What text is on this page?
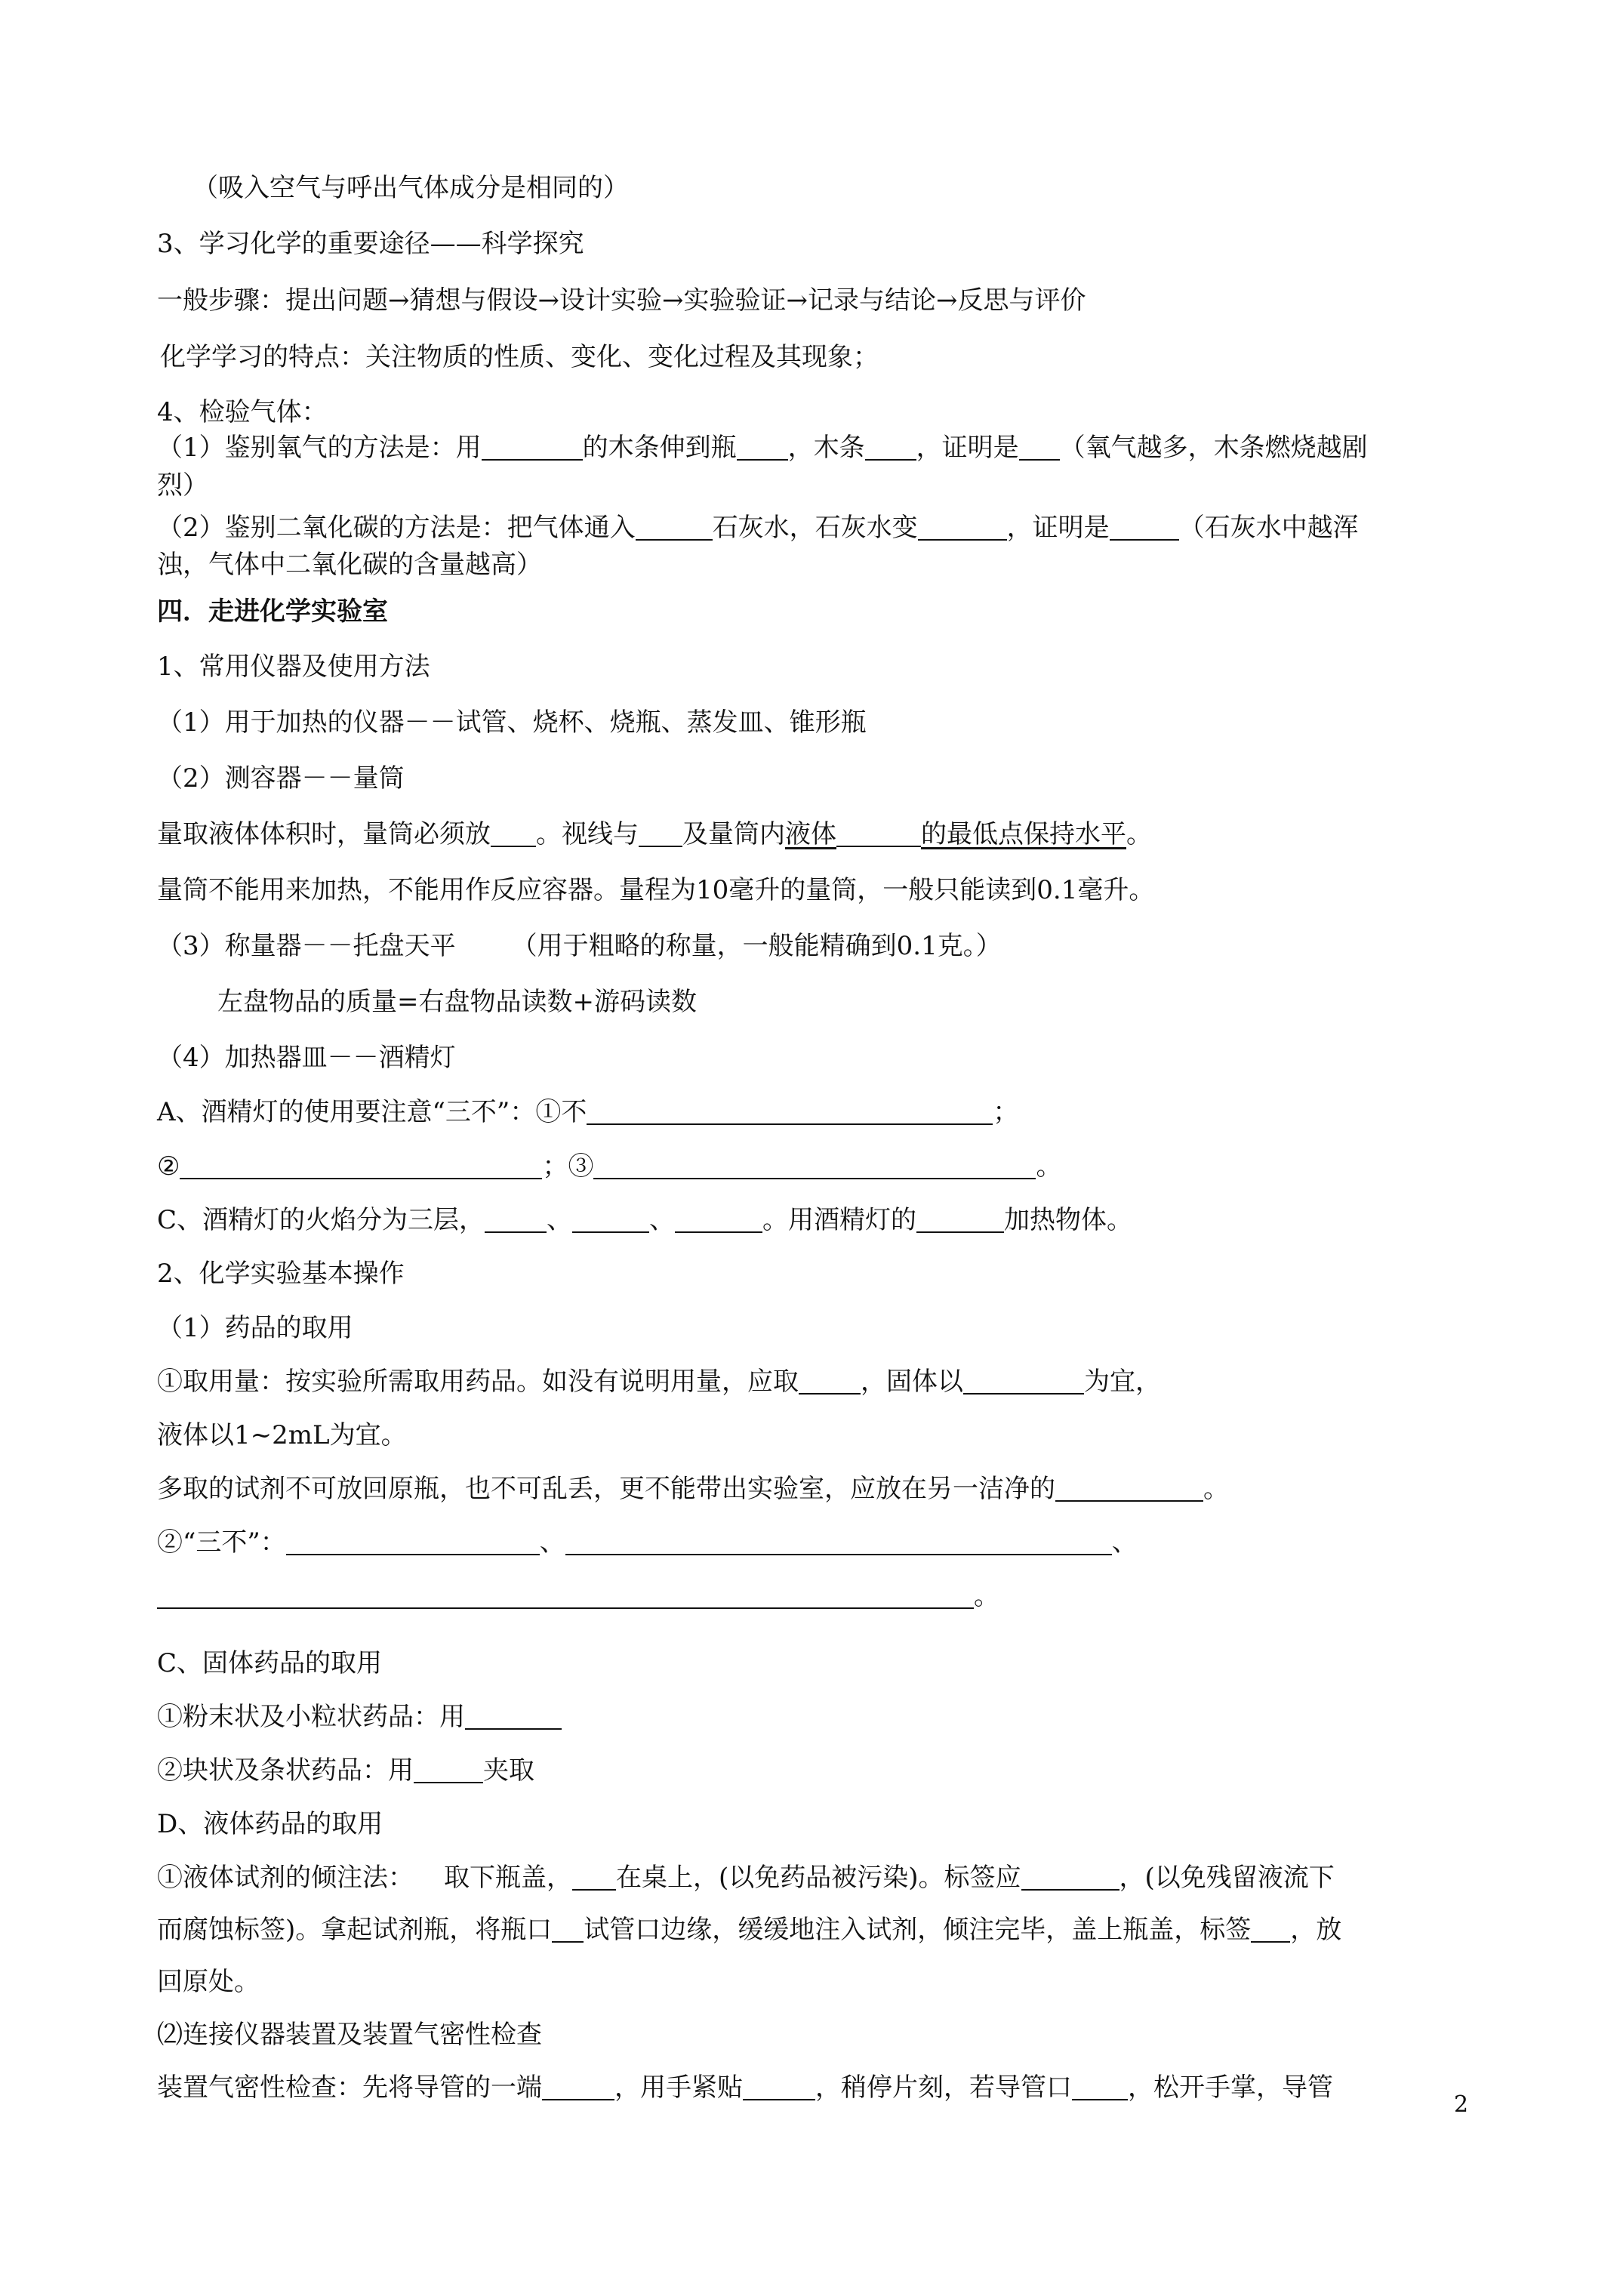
（吸入空气与呼出气体成分是相同的）
3、学习化学的重要途径——科学探究
一般步骤：提出问题→猜想与假设→设计实验→实验验证→记录与结论→反思与评价
化学学习的特点：关注物质的性质、变化、变化过程及其现象；
4、检验气体：
（1）鉴别氧气的方法是：用	的木条伸到瓶 ，木条 ，证明是 （氧气越多，木条燃烧越剧
烈）
（2）鉴别二氧化碳的方法是：把气体通入	石灰水，石灰水变	，证明是	（石灰水中越浑
浊，气体中二氧化碳的含量越高）
四．走进化学实验室
1、常用仪器及使用方法
（1）用于加热的仪器－－试管、烧杯、烧瓶、蒸发皿、锥形瓶
（2）测容器－－量筒
量取液体体积时，量筒必须放 。视线与 及量筒内液体	的最低点保持水平。
量筒不能用来加热，不能用作反应容器。量程为10毫升的量筒，一般只能读到0.1毫升。
（3）称量器－－托盘天平 （用于粗略的称量，一般能精确到0.1克。）
左盘物品的质量=右盘物品读数+游码读数
（4）加热器皿－－酒精灯
A、酒精灯的使用要注意“三不”：①不	；
②	；③	。
C、酒精灯的火焰分为三层， 、	、	。用酒精灯的	加热物体。
2、化学实验基本操作
（1）药品的取用
①取用量：按实验所需取用药品。如没有说明用量，应取 ，固体以	为宜，
液体以1~2mL为宜。
多取的试剂不可放回原瓶，也不可乱丢，更不能带出实验室，应放在另一洁净的	。
②“三不”：	、	、
。
C、固体药品的取用
①粉末状及小粒状药品：用
②块状及条状药品：用	夹取
D、液体药品的取用
①液体试剂的倾注法： 取下瓶盖， 在桌上，(以免药品被污染)。标签应	，(以免残留液流下
而腐蚀标签)。拿起试剂瓶，将瓶口 试管口边缘，缓缓地注入试剂，倾注完毕，盖上瓶盖，标签 ，放
回原处。
⑵连接仪器装置及装置气密性检查
装置气密性检查：先将导管的一端	，用手紧贴	，稍停片刻，若导管口 ，松开手掌，导管
2
